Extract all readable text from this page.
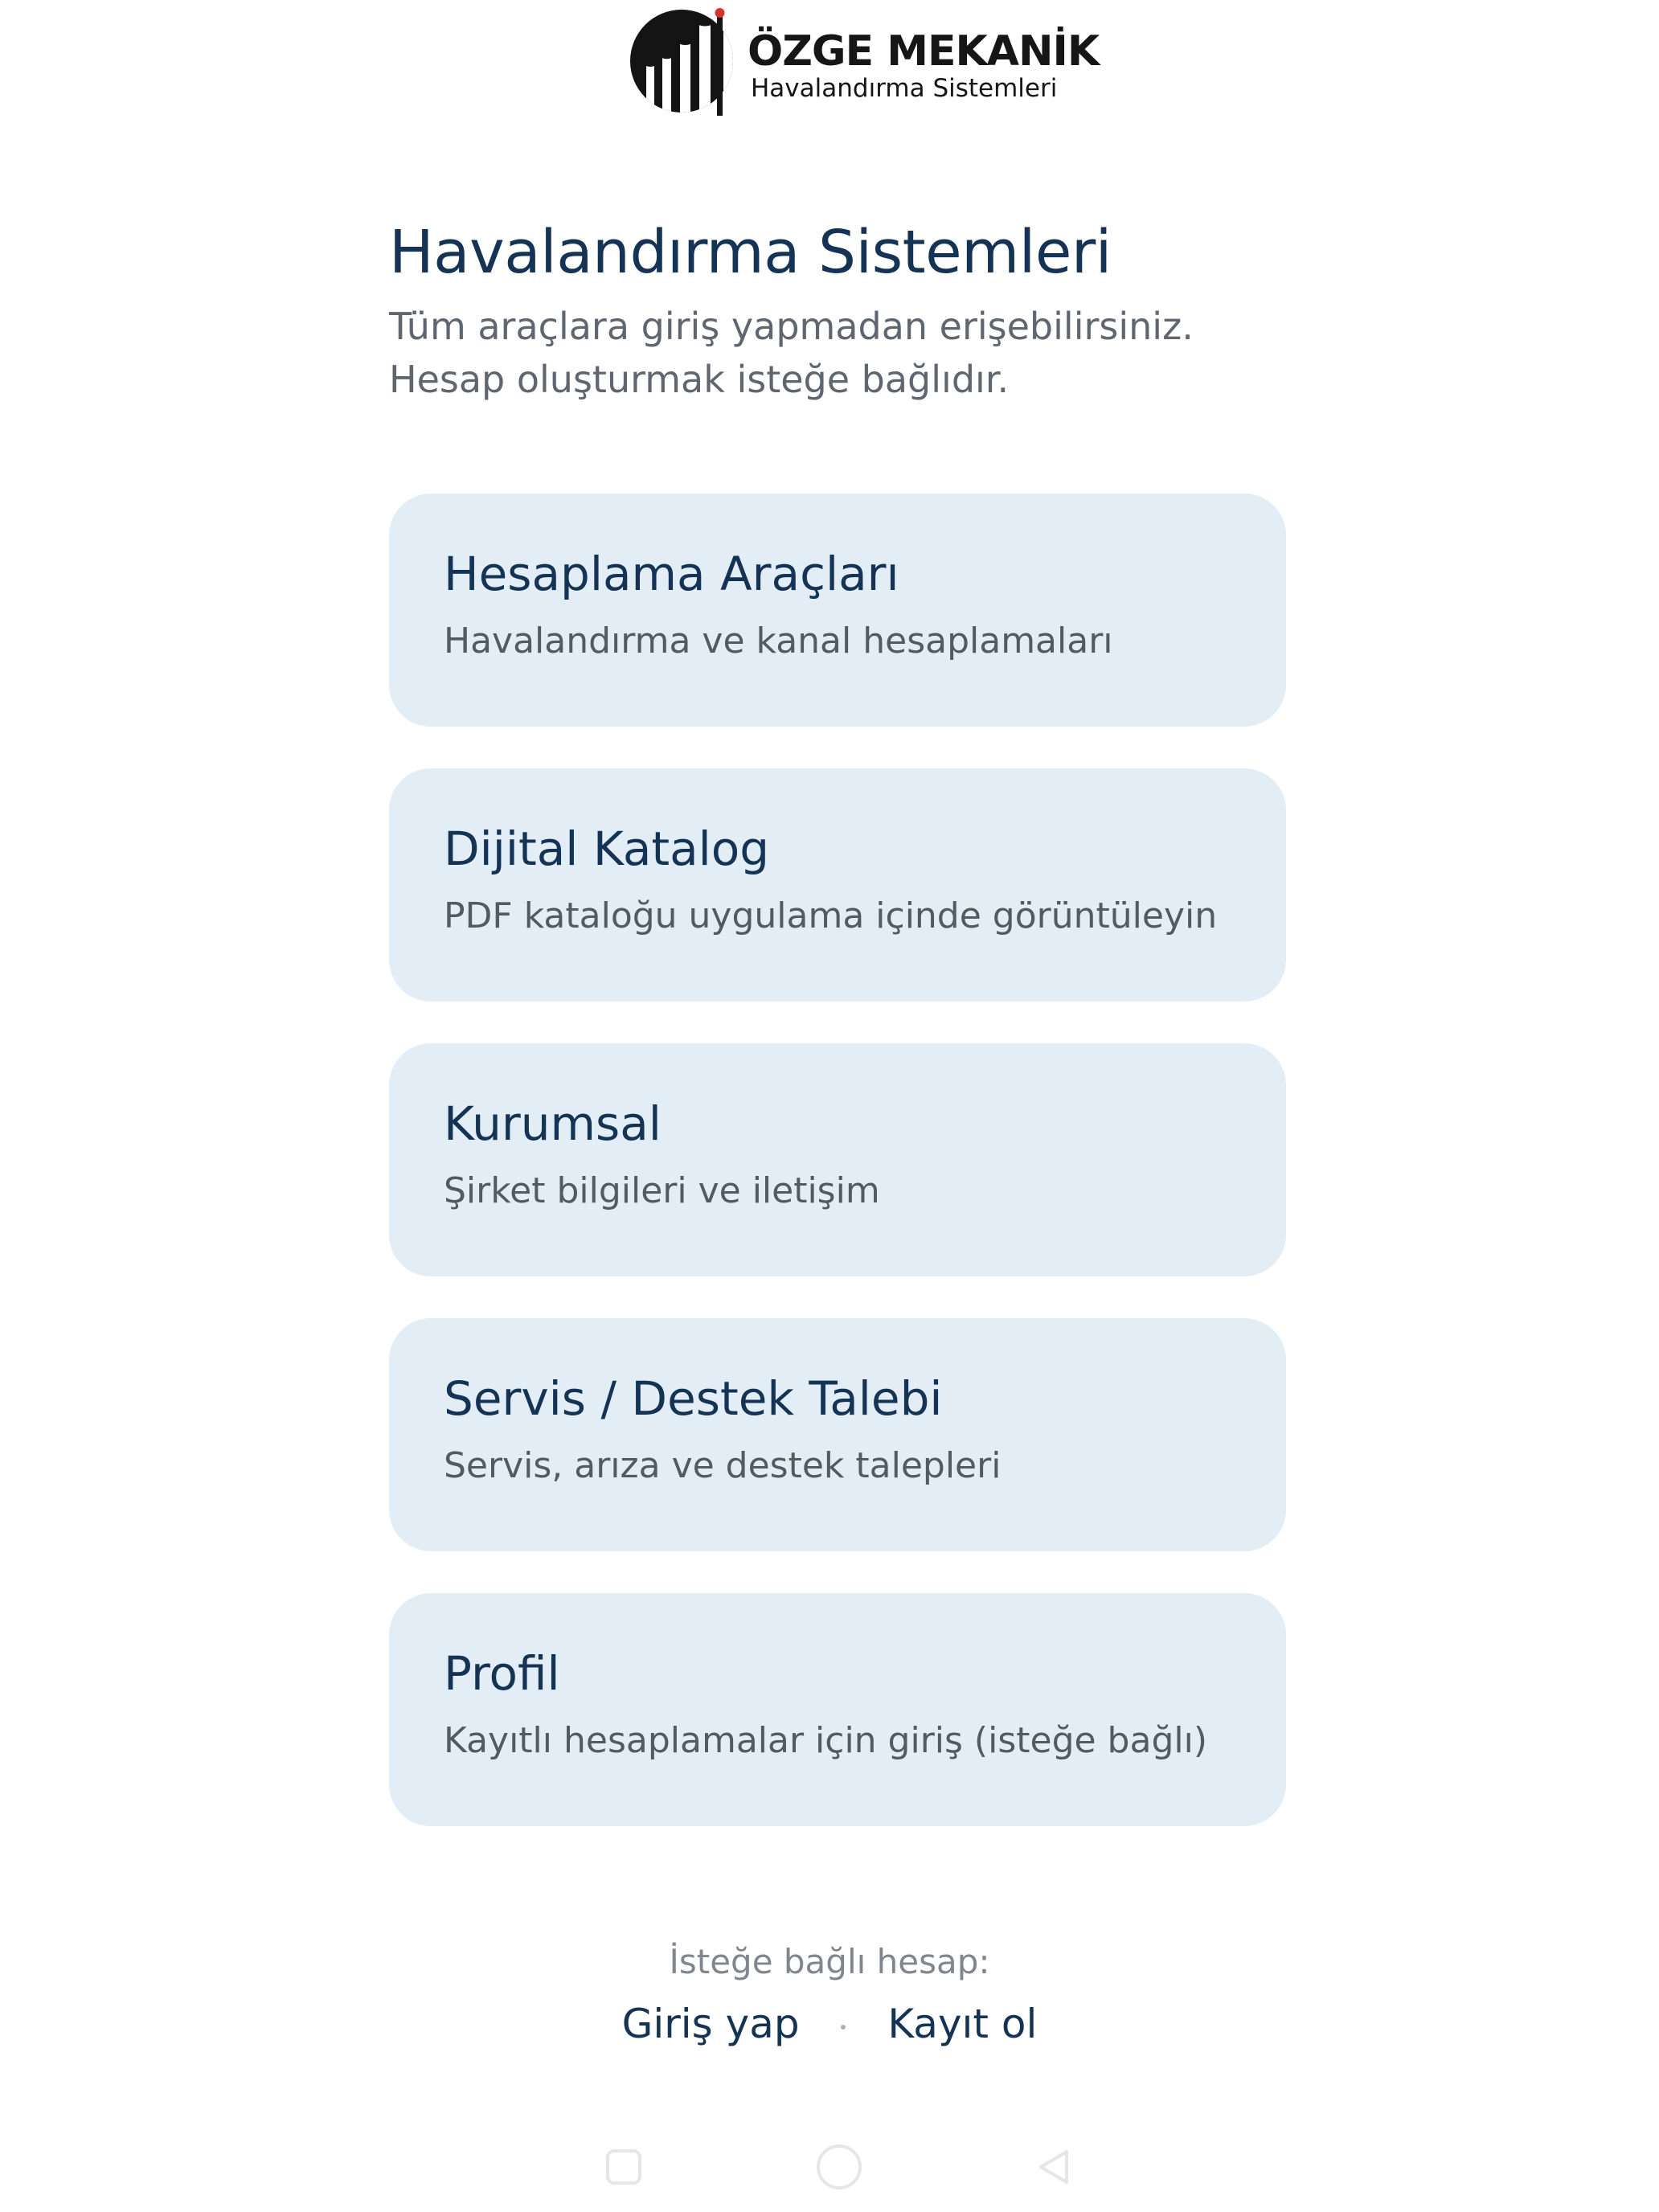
ÖZGE MEKANİK
Havalandırma Sistemleri
Havalandırma Sistemleri

Tüm araçlara giriş yapmadan erişebilirsiniz.
Hesap oluşturmak isteğe bağlıdır.

Hesaplama Araçları
Havalandırma ve kanal hesaplamaları
Dijital Katalog
PDF kataloğu uygulama içinde görüntüleyin
Kurumsal
Şirket bilgileri ve iletişim
Servis / Destek Talebi
Servis, arıza ve destek talepleri
Profil
Kayıtlı hesaplamalar için giriş (isteğe bağlı)
İsteğe bağlı hesap:
Giriş yap Kayıt ol
